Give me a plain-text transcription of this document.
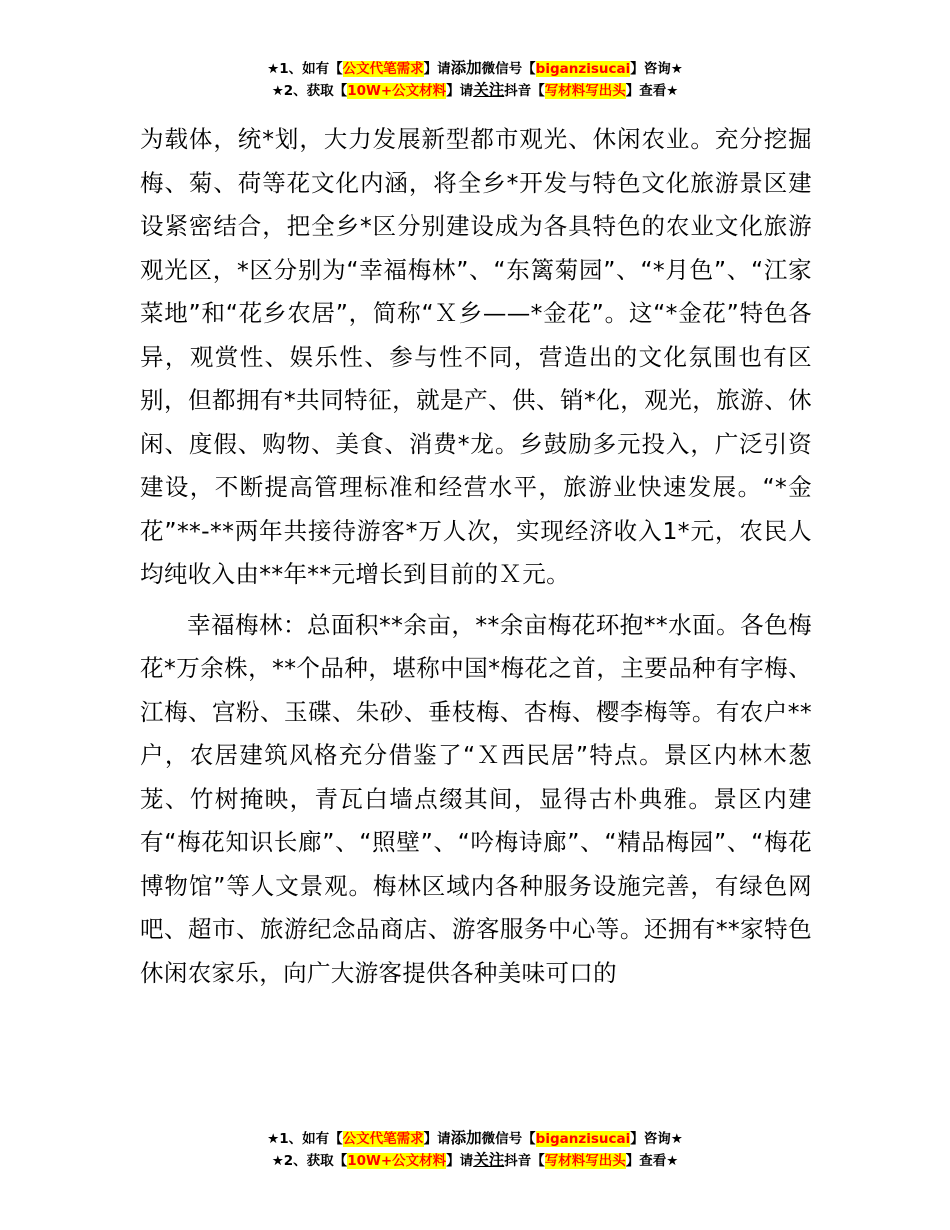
★1、如有【公文代笔需求】请添加微信号【biganzisucai】咨询★
★2、获取【10W+公文材料】请关注抖音【写材料写出头】查看★

为载体，统*划，大力发展新型都市观光、休闲农业。充分挖掘梅、菊、荷等花文化内涵，将全乡*开发与特色文化旅游景区建设紧密结合，把全乡*区分别建设成为各具特色的农业文化旅游观光区，*区分别为“幸福梅林”、“东篱菊园”、“*月色”、“江家菜地”和“花乡农居”，简称“Ｘ乡——*金花”。这“*金花”特色各异，观赏性、娱乐性、参与性不同，营造出的文化氛围也有区别，但都拥有*共同特征，就是产、供、销*化，观光，旅游、休闲、度假、购物、美食、消费*龙。乡鼓励多元投入，广泛引资建设，不断提高管理标准和经营水平，旅游业快速发展。“*金花”**-**两年共接待游客*万人次，实现经济收入1*元，农民人均纯收入由**年**元增长到目前的Ｘ元。

幸福梅林：总面积**余亩，**余亩梅花环抱**水面。各色梅花*万余株，**个品种，堪称中国*梅花之首，主要品种有字梅、江梅、宫粉、玉碟、朱砂、垂枝梅、杏梅、樱李梅等。有农户**户，农居建筑风格充分借鉴了“Ｘ西民居”特点。景区内林木葱茏、竹树掩映，青瓦白墙点缀其间，显得古朴典雅。景区内建有“梅花知识长廊”、“照壁”、“吟梅诗廊”、“精品梅园”、“梅花博物馆”等人文景观。梅林区域内各种服务设施完善，有绿色网吧、超市、旅游纪念品商店、游客服务中心等。还拥有**家特色休闲农家乐，向广大游客提供各种美味可口的

★1、如有【公文代笔需求】请添加微信号【biganzisucai】咨询★
★2、获取【10W+公文材料】请关注抖音【写材料写出头】查看★
